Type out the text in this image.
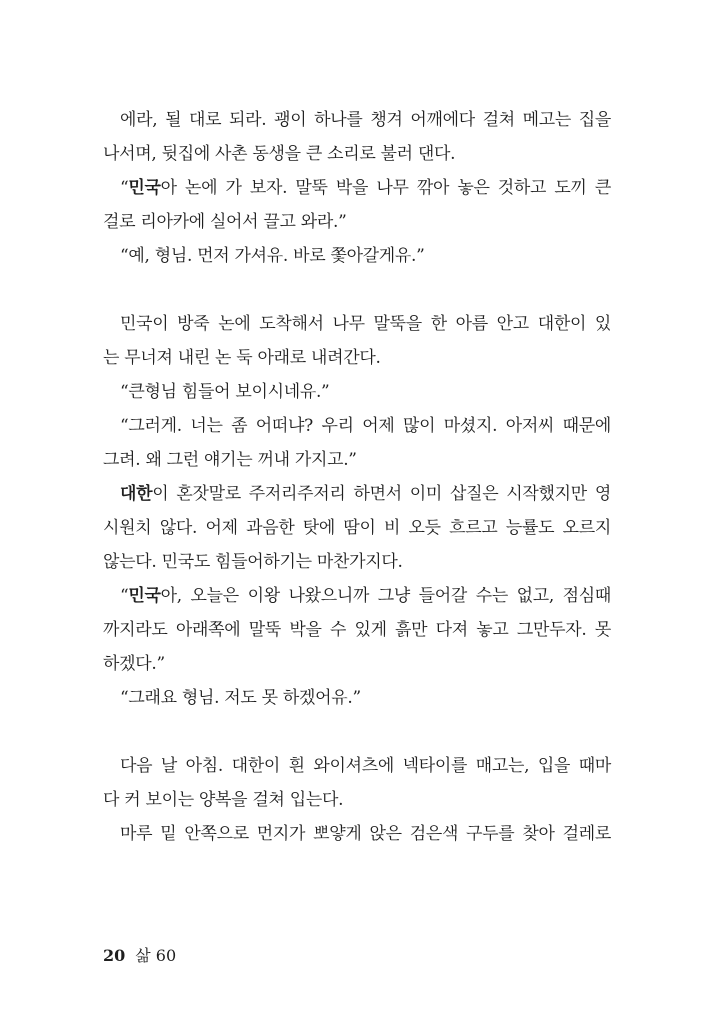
에라, 될 대로 되라. 괭이 하나를 챙겨 어깨에다 걸쳐 메고는 집을
나서며, 뒷집에 사촌 동생을 큰 소리로 불러 댄다.
“민국아 논에 가 보자. 말뚝 박을 나무 깎아 놓은 것하고 도끼 큰
걸로 리아카에 실어서 끌고 와라.”
“예, 형님. 먼저 가셔유. 바로 쫓아갈게유.”
민국이 방죽 논에 도착해서 나무 말뚝을 한 아름 안고 대한이 있
는 무너져 내린 논 둑 아래로 내려간다.
“큰형님 힘들어 보이시네유.”
“그러게. 너는 좀 어떠냐? 우리 어제 많이 마셨지. 아저씨 때문에
그려. 왜 그런 얘기는 꺼내 가지고.”
대한이 혼잣말로 주저리주저리 하면서 이미 삽질은 시작했지만 영
시원치 않다. 어제 과음한 탓에 땀이 비 오듯 흐르고 능률도 오르지
않는다. 민국도 힘들어하기는 마찬가지다.
“민국아, 오늘은 이왕 나왔으니까 그냥 들어갈 수는 없고, 점심때
까지라도 아래쪽에 말뚝 박을 수 있게 흙만 다져 놓고 그만두자. 못
하겠다.”
“그래요 형님. 저도 못 하겠어유.”
다음 날 아침. 대한이 흰 와이셔츠에 넥타이를 매고는, 입을 때마
다 커 보이는 양복을 걸쳐 입는다.
마루 밑 안쪽으로 먼지가 뽀얗게 앉은 검은색 구두를 찾아 걸레로
20 삶 60
